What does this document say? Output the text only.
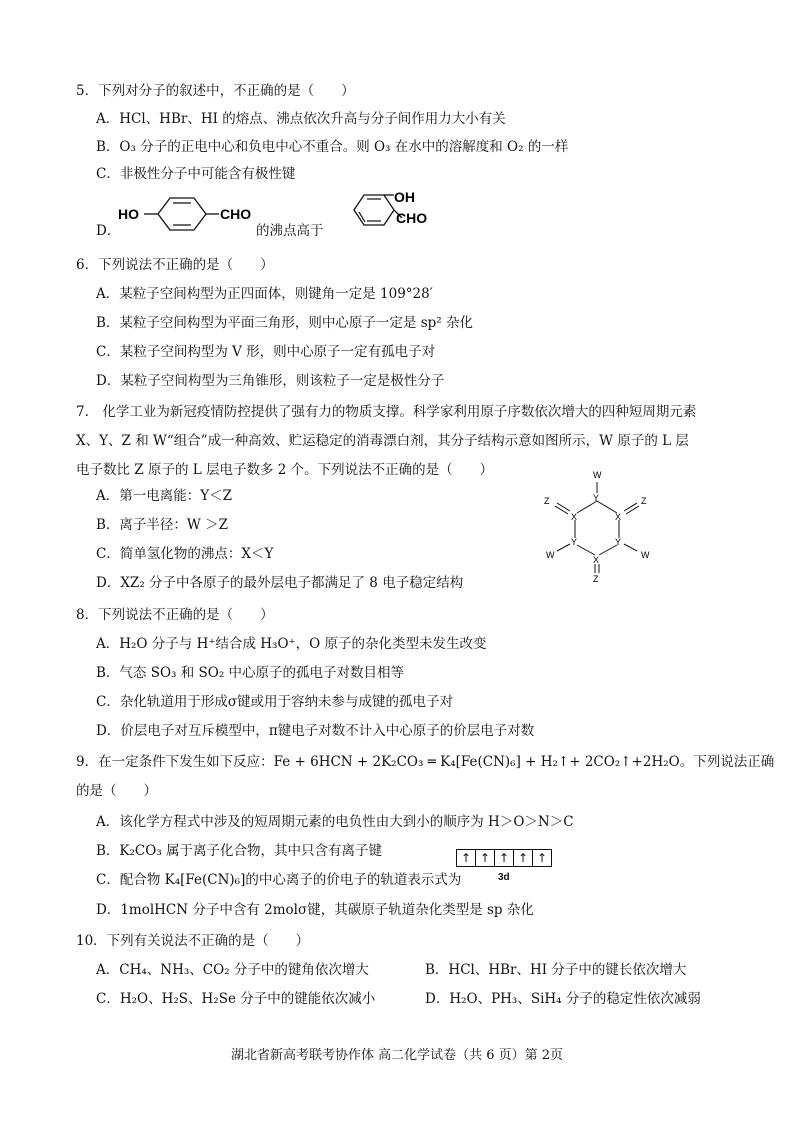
5．下列对分子的叙述中，不正确的是（　　）
A．HCl、HBr、HI 的熔点、沸点依次升高与分子间作用力大小有关
B．O₃ 分子的正电中心和负电中心不重合。则 O₃ 在水中的溶解度和 O₂ 的一样
C．非极性分子中可能含有极性键
D．
HO	CHO
的沸点高于
OH
CHO
6．下列说法不正确的是（　　）
A．某粒子空间构型为正四面体，则键角一定是 109°28′
B．某粒子空间构型为平面三角形，则中心原子一定是 sp² 杂化
C．某粒子空间构型为 V 形，则中心原子一定有孤电子对
D．某粒子空间构型为三角锥形，则该粒子一定是极性分子
7.　化学工业为新冠疫情防控提供了强有力的物质支撑。科学家利用原子序数依次增大的四种短周期元素
X、Y、Z 和 W“组合”成一种高效、贮运稳定的消毒漂白剂，其分子结构示意如图所示，W 原子的 L 层
电子数比 Z 原子的 L 层电子数多 2 个。下列说法不正确的是（　　）
A．第一电离能：Y＜Z
B．离子半径：W ＞Z
C．简单氢化物的沸点：X＜Y
D．XZ₂ 分子中各原子的最外层电子都满足了 8 电子稳定结构
W
Y
Z
X	X
Z
Y	Y
W	W
X
Z
8．下列说法不正确的是（　　）
A．H₂O 分子与 H⁺结合成 H₃O⁺，O 原子的杂化类型未发生改变
B．气态 SO₃ 和 SO₂ 中心原子的孤电子对数目相等
C．杂化轨道用于形成σ键或用于容纳未参与成键的孤电子对
D．价层电子对互斥模型中，π键电子对数不计入中心原子的价层电子对数
9．在一定条件下发生如下反应：Fe + 6HCN + 2K₂CO₃ ═ K₄[Fe(CN)₆] + H₂↑+ 2CO₂↑+2H₂O。下列说法正确
的是（　　）
A．该化学方程式中涉及的短周期元素的电负性由大到小的顺序为 H＞O＞N＞C
B．K₂CO₃ 属于离子化合物，其中只含有离子键
C．配合物 K₄[Fe(CN)₆]的中心离子的价电子的轨道表示式为
D．1molHCN 分子中含有 2molσ键，其碳原子轨道杂化类型是 sp 杂化
↑ ↑ ↑ ↑ ↑
3d
10．下列有关说法不正确的是（　　）
A．CH₄、NH₃、CO₂ 分子中的键角依次增大	B．HCl、HBr、HI 分子中的键长依次增大
C．H₂O、H₂S、H₂Se 分子中的键能依次减小	D．H₂O、PH₃、SiH₄ 分子的稳定性依次减弱
湖北省新高考联考协作体 高二化学试卷（共 6 页）第 2页
